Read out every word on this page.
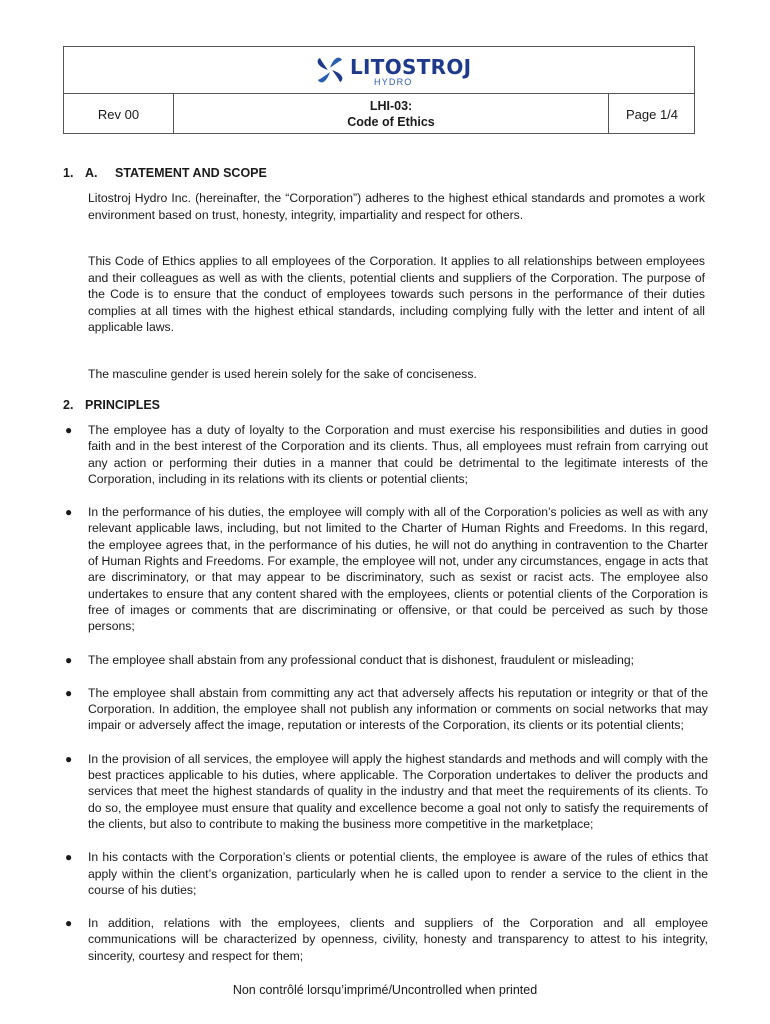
LITOSTROJ
HYDRO
Rev 00
LHI-03:
Code of Ethics
Page 1/4
1. A. STATEMENT AND SCOPE

Litostroj Hydro Inc. (hereinafter, the “Corporation”) adheres to the highest ethical standards and promotes a work environment based on trust, honesty, integrity, impartiality and respect for others.

This Code of Ethics applies to all employees of the Corporation. It applies to all relationships between employees and their colleagues as well as with the clients, potential clients and suppliers of the Corporation. The purpose of the Code is to ensure that the conduct of employees towards such persons in the performance of their duties complies at all times with the highest ethical standards, including complying fully with the letter and intent of all applicable laws.

The masculine gender is used herein solely for the sake of conciseness.

2. PRINCIPLES
● The employee has a duty of loyalty to the Corporation and must exercise his responsibilities and duties in good faith and in the best interest of the Corporation and its clients. Thus, all employees must refrain from carrying out any action or performing their duties in a manner that could be detrimental to the legitimate interests of the Corporation, including in its relations with its clients or potential clients;
● In the performance of his duties, the employee will comply with all of the Corporation’s policies as well as with any relevant applicable laws, including, but not limited to the Charter of Human Rights and Freedoms. In this regard, the employee agrees that, in the performance of his duties, he will not do anything in contravention to the Charter of Human Rights and Freedoms. For example, the employee will not, under any circumstances, engage in acts that are discriminatory, or that may appear to be discriminatory, such as sexist or racist acts. The employee also undertakes to ensure that any content shared with the employees, clients or potential clients of the Corporation is free of images or comments that are discriminating or offensive, or that could be perceived as such by those persons;
● The employee shall abstain from any professional conduct that is dishonest, fraudulent or misleading;
● The employee shall abstain from committing any act that adversely affects his reputation or integrity or that of the Corporation. In addition, the employee shall not publish any information or comments on social networks that may impair or adversely affect the image, reputation or interests of the Corporation, its clients or its potential clients;
● In the provision of all services, the employee will apply the highest standards and methods and will comply with the best practices applicable to his duties, where applicable. The Corporation undertakes to deliver the products and services that meet the highest standards of quality in the industry and that meet the requirements of its clients. To do so, the employee must ensure that quality and excellence become a goal not only to satisfy the requirements of the clients, but also to contribute to making the business more competitive in the marketplace;
● In his contacts with the Corporation’s clients or potential clients, the employee is aware of the rules of ethics that apply within the client’s organization, particularly when he is called upon to render a service to the client in the course of his duties;
● In addition, relations with the employees, clients and suppliers of the Corporation and all employee communications will be characterized by openness, civility, honesty and transparency to attest to his integrity, sincerity, courtesy and respect for them;
Non contrôlé lorsqu’imprimé/Uncontrolled when printed
